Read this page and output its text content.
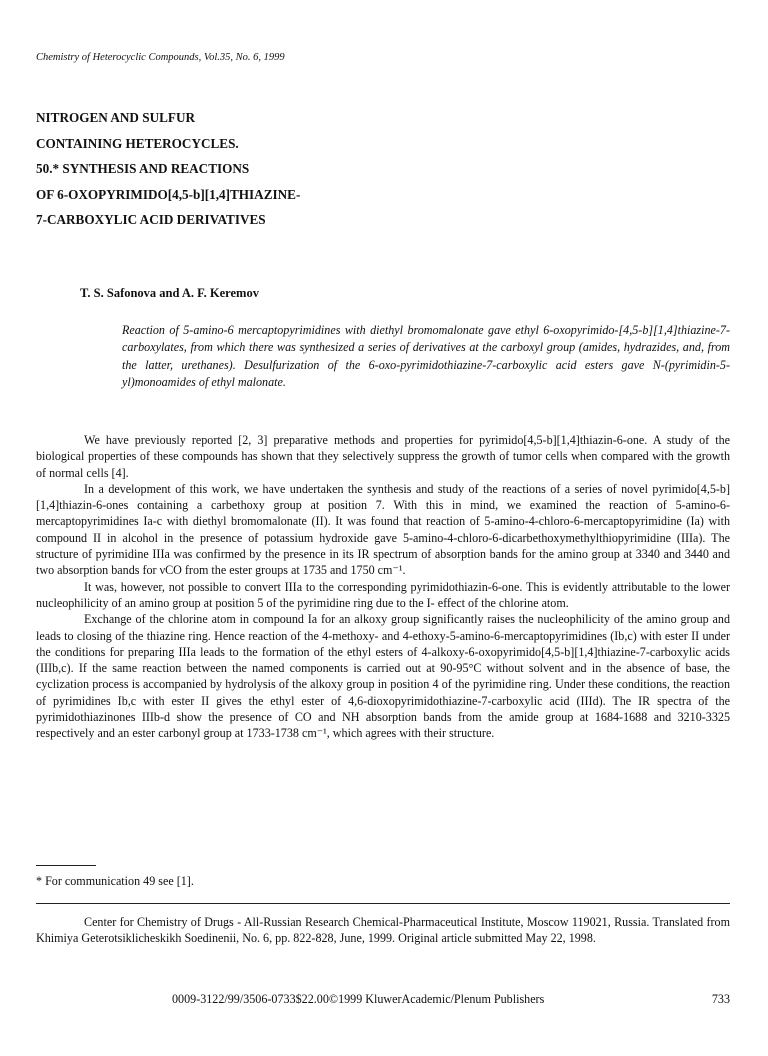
Chemistry of Heterocyclic Compounds, Vol.35, No. 6, 1999
NITROGEN AND SULFUR
CONTAINING HETEROCYCLES.
50.* SYNTHESIS AND REACTIONS
OF 6-OXOPYRIMIDO[4,5-b][1,4]THIAZINE-
7-CARBOXYLIC ACID DERIVATIVES
T. S. Safonova and A. F. Keremov
Reaction of 5-amino-6 mercaptopyrimidines with diethyl bromomalonate gave ethyl 6-oxopyrimido-[4,5-b][1,4]thiazine-7-carboxylates, from which there was synthesized a series of derivatives at the carboxyl group (amides, hydrazides, and, from the latter, urethanes). Desulfurization of the 6-oxo-pyrimidothiazine-7-carboxylic acid esters gave N-(pyrimidin-5-yl)monoamides of ethyl malonate.

We have previously reported [2, 3] preparative methods and properties for pyrimido[4,5-b][1,4]thiazin-6-one. A study of the biological properties of these compounds has shown that they selectively suppress the growth of tumor cells when compared with the growth of normal cells [4].

In a development of this work, we have undertaken the synthesis and study of the reactions of a series of novel pyrimido[4,5-b][1,4]thiazin-6-ones containing a carbethoxy group at position 7. With this in mind, we examined the reaction of 5-amino-6-mercaptopyrimidines Ia-c with diethyl bromomalonate (II). It was found that reaction of 5-amino-4-chloro-6-mercaptopyrimidine (Ia) with compound II in alcohol in the presence of potassium hydroxide gave 5-amino-4-chloro-6-dicarbethoxymethylthiopyrimidine (IIIa). The structure of pyrimidine IIIa was confirmed by the presence in its IR spectrum of absorption bands for the amino group at 3340 and 3440 and two absorption bands for νCO from the ester groups at 1735 and 1750 cm⁻¹.

It was, however, not possible to convert IIIa to the corresponding pyrimidothiazin-6-one. This is evidently attributable to the lower nucleophilicity of an amino group at position 5 of the pyrimidine ring due to the I- effect of the chlorine atom.

Exchange of the chlorine atom in compound Ia for an alkoxy group significantly raises the nucleophilicity of the amino group and leads to closing of the thiazine ring. Hence reaction of the 4-methoxy- and 4-ethoxy-5-amino-6-mercaptopyrimidines (Ib,c) with ester II under the conditions for preparing IIIa leads to the formation of the ethyl esters of 4-alkoxy-6-oxopyrimido[4,5-b][1,4]thiazine-7-carboxylic acids (IIIb,c). If the same reaction between the named components is carried out at 90-95°C without solvent and in the absence of base, the cyclization process is accompanied by hydrolysis of the alkoxy group in position 4 of the pyrimidine ring. Under these conditions, the reaction of pyrimidines Ib,c with ester II gives the ethyl ester of 4,6-dioxopyrimidothiazine-7-carboxylic acid (IIId). The IR spectra of the pyrimidothiazinones IIIb-d show the presence of CO and NH absorption bands from the amide group at 1684-1688 and 3210-3325 respectively and an ester carbonyl group at 1733-1738 cm⁻¹, which agrees with their structure.

* For communication 49 see [1].

Center for Chemistry of Drugs - All-Russian Research Chemical-Pharmaceutical Institute, Moscow 119021, Russia. Translated from Khimiya Geterotsiklicheskikh Soedinenii, No. 6, pp. 822-828, June, 1999. Original article submitted May 22, 1998.

0009-3122/99/3506-0733$22.00©1999 KluwerAcademic/Plenum Publishers	733
